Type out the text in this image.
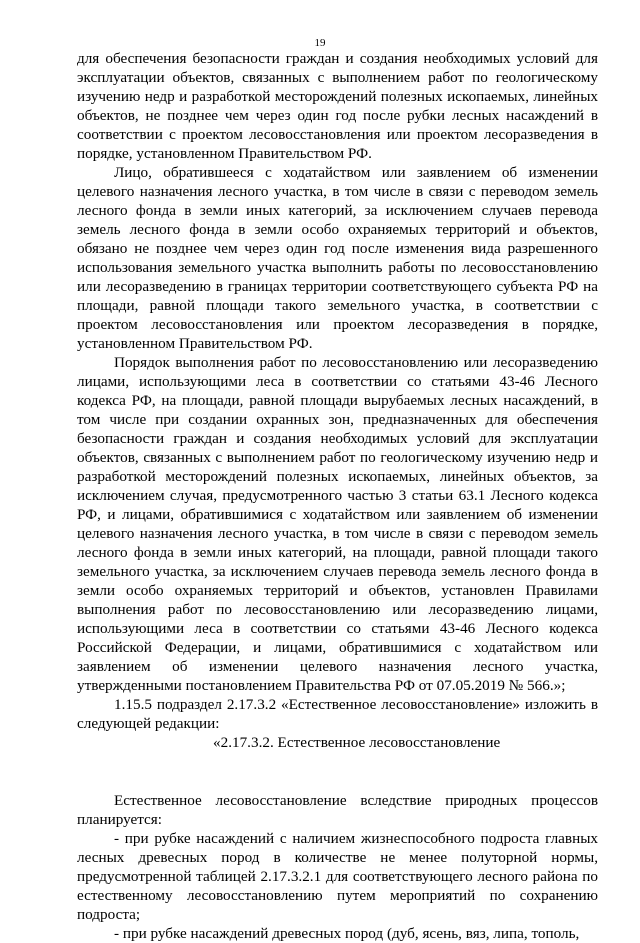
19

для обеспечения безопасности граждан и создания необходимых условий для эксплуатации объектов, связанных с выполнением работ по геологическому изучению недр и разработкой месторождений полезных ископаемых, линейных объектов, не позднее чем через один год после рубки лесных насаждений в соответствии с проектом лесовосстановления или проектом лесоразведения в порядке, установленном Правительством РФ.

Лицо, обратившееся с ходатайством или заявлением об изменении целевого назначения лесного участка, в том числе в связи с переводом земель лесного фонда в земли иных категорий, за исключением случаев перевода земель лесного фонда в земли особо охраняемых территорий и объектов, обязано не позднее чем через один год после изменения вида разрешенного использования земельного участка выполнить работы по лесовосстановлению или лесоразведению в границах территории соответствующего субъекта РФ на площади, равной площади такого земельного участка, в соответствии с проектом лесовосстановления или проектом лесоразведения в порядке, установленном Правительством РФ.

Порядок выполнения работ по лесовосстановлению или лесоразведению лицами, использующими леса в соответствии со статьями 43-46 Лесного кодекса РФ, на площади, равной площади вырубаемых лесных насаждений, в том числе при создании охранных зон, предназначенных для обеспечения безопасности граждан и создания необходимых условий для эксплуатации объектов, связанных с выполнением работ по геологическому изучению недр и разработкой месторождений полезных ископаемых, линейных объектов, за исключением случая, предусмотренного частью 3 статьи 63.1 Лесного кодекса РФ, и лицами, обратившимися с ходатайством или заявлением об изменении целевого назначения лесного участка, в том числе в связи с переводом земель лесного фонда в земли иных категорий, на площади, равной площади такого земельного участка, за исключением случаев перевода земель лесного фонда в земли особо охраняемых территорий и объектов, установлен Правилами выполнения работ по лесовосстановлению или лесоразведению лицами, использующими леса в соответствии со статьями 43-46 Лесного кодекса Российской Федерации, и лицами, обратившимися с ходатайством или заявлением об изменении целевого назначения лесного участка, утвержденными постановлением Правительства РФ от 07.05.2019 № 566.»;

1.15.5 подраздел 2.17.3.2 «Естественное лесовосстановление» изложить в следующей редакции:

«2.17.3.2. Естественное лесовосстановление

Естественное лесовосстановление вследствие природных процессов планируется:

- при рубке насаждений с наличием жизнеспособного подроста главных лесных древесных пород в количестве не менее полуторной нормы, предусмотренной таблицей 2.17.3.2.1 для соответствующего лесного района по естественному лесовосстановлению путем мероприятий по сохранению подроста;

- при рубке насаждений древесных пород (дуб, ясень, вяз, липа, тополь,
